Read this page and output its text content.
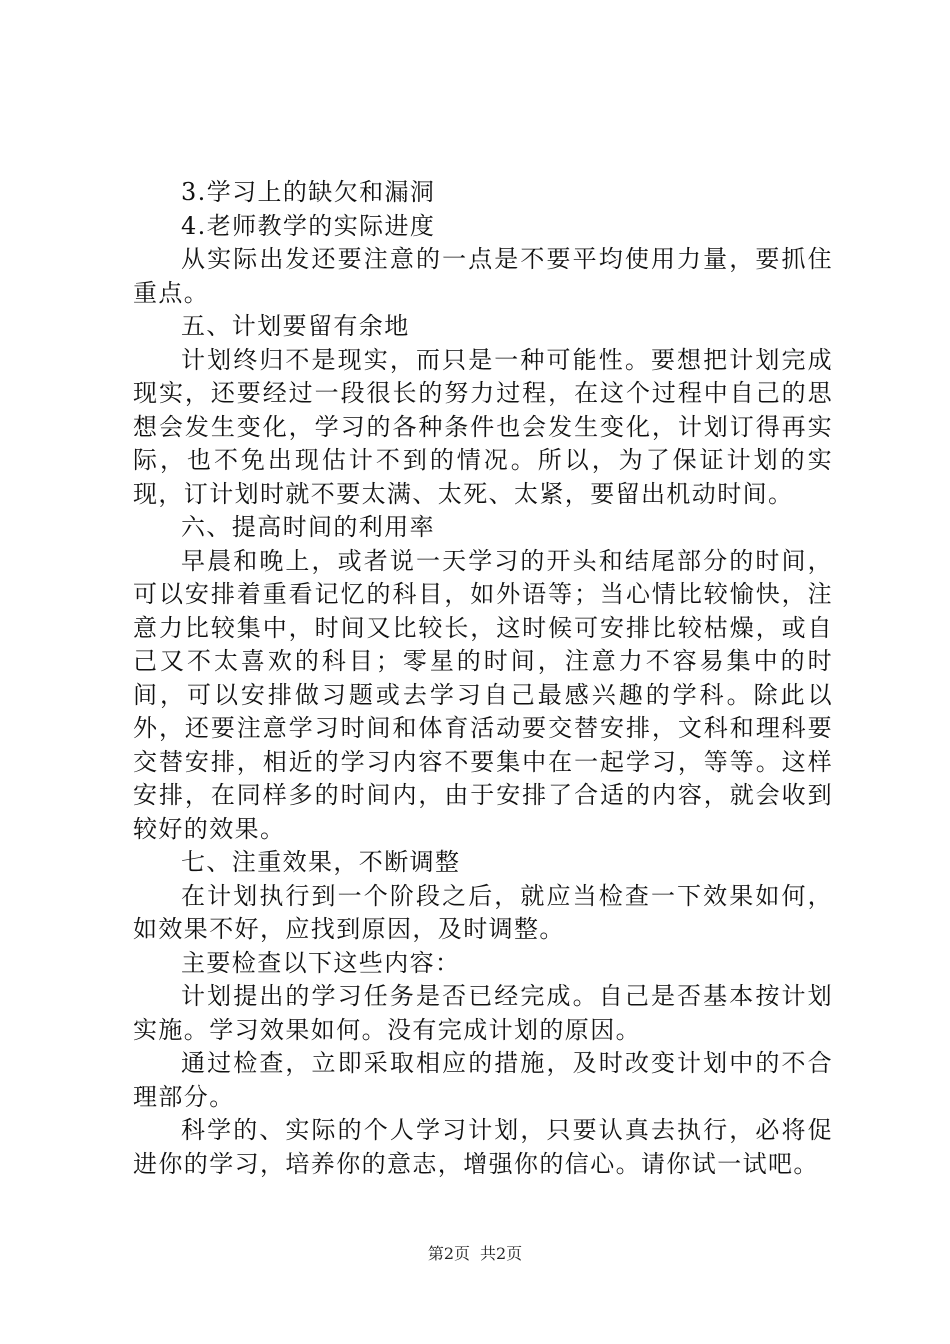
3.学习上的缺欠和漏洞

4.老师教学的实际进度

从实际出发还要注意的一点是不要平均使用力量，要抓住重点。

五、计划要留有余地

计划终归不是现实，而只是一种可能性。要想把计划完成现实，还要经过一段很长的努力过程，在这个过程中自己的思想会发生变化，学习的各种条件也会发生变化，计划订得再实际，也不免出现估计不到的情况。所以，为了保证计划的实现，订计划时就不要太满、太死、太紧，要留出机动时间。

六、提高时间的利用率

早晨和晚上，或者说一天学习的开头和结尾部分的时间，可以安排着重看记忆的科目，如外语等；当心情比较愉快，注意力比较集中，时间又比较长，这时候可安排比较枯燥，或自己又不太喜欢的科目；零星的时间，注意力不容易集中的时间，可以安排做习题或去学习自己最感兴趣的学科。除此以外，还要注意学习时间和体育活动要交替安排，文科和理科要交替安排，相近的学习内容不要集中在一起学习，等等。这样安排，在同样多的时间内，由于安排了合适的内容，就会收到较好的效果。

七、注重效果，不断调整

在计划执行到一个阶段之后，就应当检查一下效果如何，如效果不好，应找到原因，及时调整。

主要检查以下这些内容：

计划提出的学习任务是否已经完成。自己是否基本按计划实施。学习效果如何。没有完成计划的原因。

通过检查，立即采取相应的措施，及时改变计划中的不合理部分。

科学的、实际的个人学习计划，只要认真去执行，必将促进你的学习，培养你的意志，增强你的信心。请你试一试吧。

第2页 共2页
